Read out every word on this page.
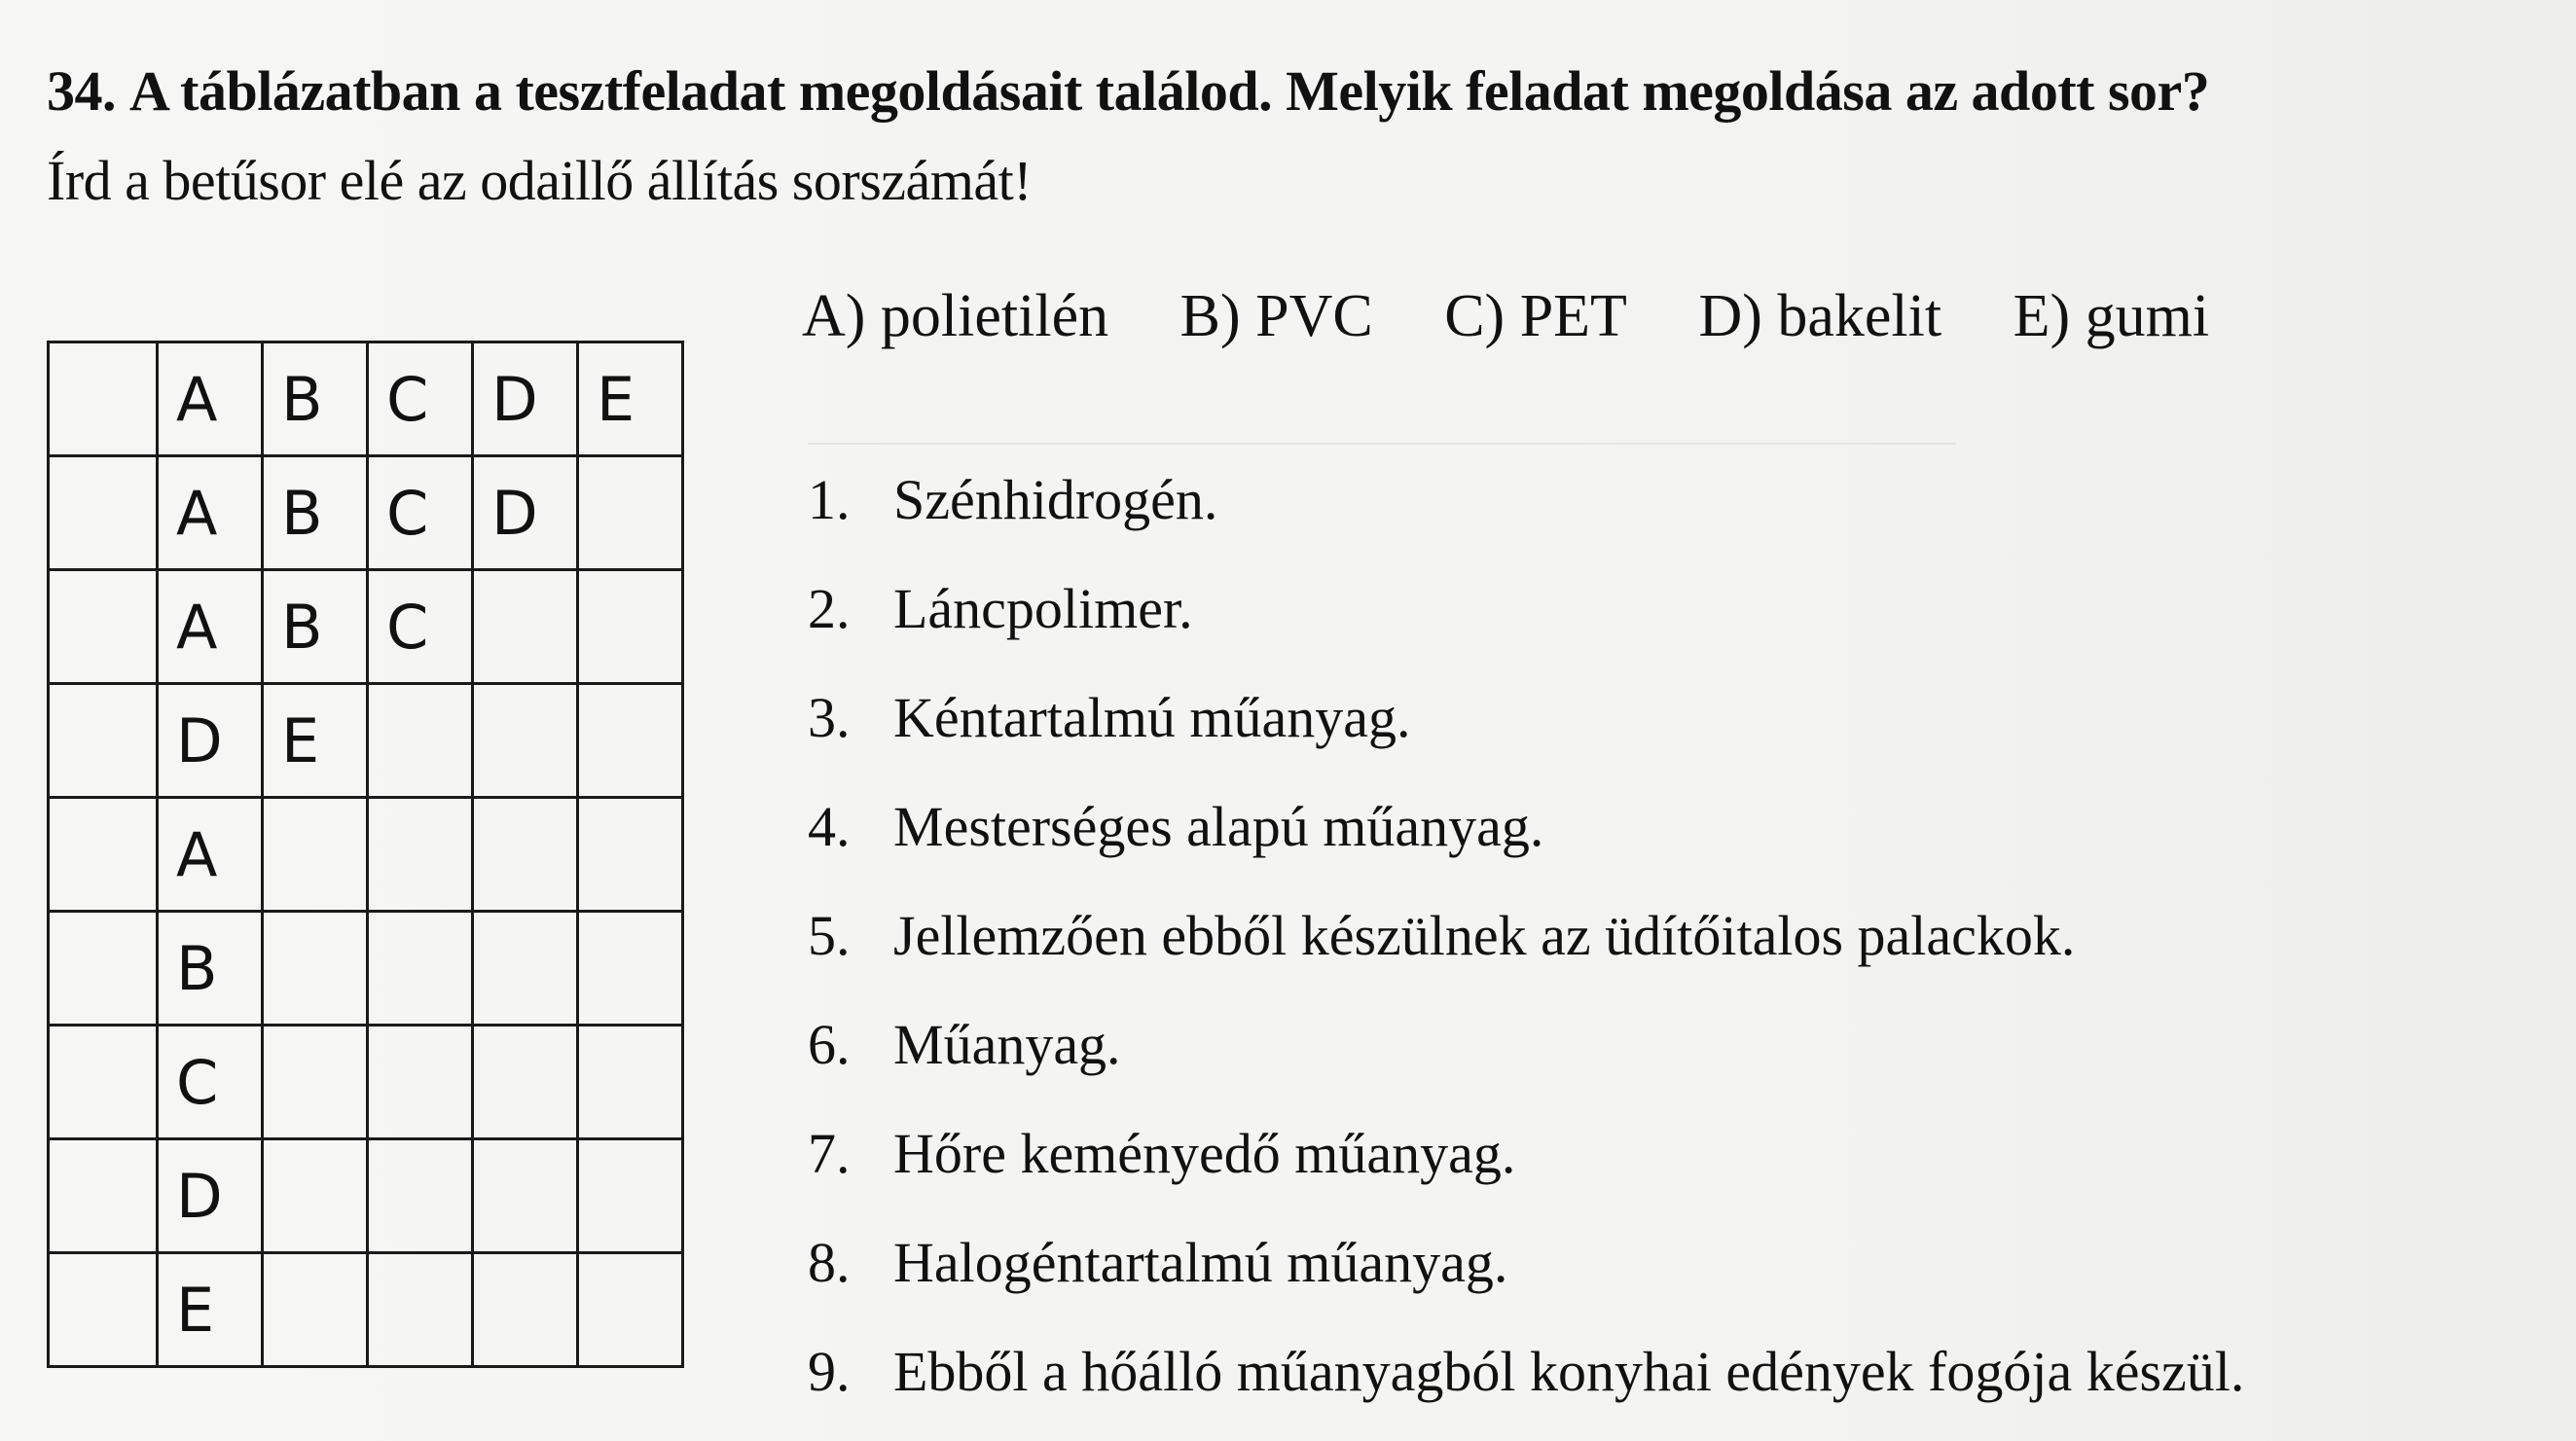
34. A táblázatban a tesztfeladat megoldásait találod. Melyik feladat megoldása az adott sor?
Írd a betűsor elé az odaillő állítás sorszámát!
	A	B	C	D	E
	A	B	C	D	
	A	B	C		
	D	E			
	A				
	B				
	C				
	D				
	E				
A) polietilén B) PVC C) PET D) bakelit E) gumi
1. Szénhidrogén.
2. Láncpolimer.
3. Kéntartalmú műanyag.
4. Mesterséges alapú műanyag.
5. Jellemzően ebből készülnek az üdítőitalos palackok.
6. Műanyag.
7. Hőre keményedő műanyag.
8. Halogéntartalmú műanyag.
9. Ebből a hőálló műanyagból konyhai edények fogója készül.
